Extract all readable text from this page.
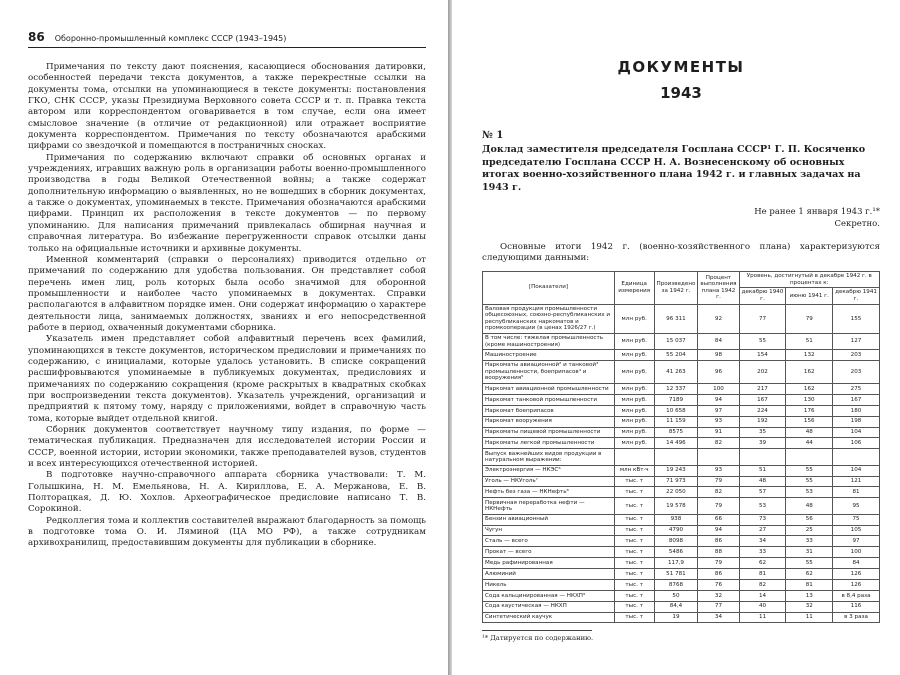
86 Оборонно-промышленный комплекс СССР (1943–1945)

Примечания по тексту дают пояснения, касающиеся обоснования датировки, особенностей передачи текста документов, а также перекрестные ссылки на документы тома, отсылки на упоминающиеся в тексте документы: постановления ГКО, СНК СССР, указы Президиума Верховного совета СССР и т. п. Правка текста автором или корреспондентом оговаривается в том случае, если она имеет смысловое значение (в отличие от редакционной) или отражает восприятие документа корреспондентом. Примечания по тексту обозначаются арабскими цифрами со звездочкой и помещаются в постраничных сносках.

Примечания по содержанию включают справки об основных органах и учреждениях, игравших важную роль в организации работы военно-промышленного производства в годы Великой Отечественной войны; а также содержат дополнительную информацию о выявленных, но не вошедших в сборник документах, а также о документах, упоминаемых в тексте. Примечания обозначаются арабскими цифрами. Принцип их расположения в тексте документов — по первому упоминанию. Для написания примечаний привлекалась обширная научная и справочная литература. Во избежание перегруженности справок отсылки даны только на официальные источники и архивные документы.

Именной комментарий (справки о персоналиях) приводится отдельно от примечаний по содержанию для удобства пользования. Он представляет собой перечень имен лиц, роль которых была особо значимой для оборонной промышленности и наиболее часто упоминаемых в документах. Справки располагаются в алфавитном порядке имен. Они содержат информацию о характере деятельности лица, занимаемых должностях, званиях и его непосредственной работе в период, охваченный документами сборника.

Указатель имен представляет собой алфавитный перечень всех фамилий, упоминающихся в тексте документов, историческом предисловии и примечаниях по содержанию, с инициалами, которые удалось установить. В списке сокращений расшифровываются упоминаемые в публикуемых документах, предисловиях и примечаниях по содержанию сокращения (кроме раскрытых в квадратных скобках при воспроизведении текста документов). Указатель учреждений, организаций и предприятий к пятому тому, наряду с приложениями, войдет в справочную часть тома, которые выйдет отдельной книгой.

Сборник документов соответствует научному типу издания, по форме — тематическая публикация. Предназначен для исследователей истории России и СССР, военной истории, истории экономики, также преподавателей вузов, студентов и всех интересующихся отечественной историей.

В подготовке научно-справочного аппарата сборника участвовали: Т. М. Голышкина, Н. М. Емельянова, Н. А. Кириллова, Е. А. Мержанова, Е. В. Полторацкая, Д. Ю. Хохлов. Археографическое предисловие написано Т. В. Сорокиной.

Редколлегия тома и коллектив составителей выражают благодарность за помощь в подготовке тома О. И. Ляминой (ЦА МО РФ), а также сотрудникам архивохранилищ, предоставившим документы для публикации в сборнике.

ДОКУМЕНТЫ
1943
№ 1
Доклад заместителя председателя Госплана СССР¹ Г. П. Косяченко председателю Госплана СССР Н. А. Вознесенскому об основных итогах военно-хозяйственного плана 1942 г. и главных задачах на 1943 г.

Не ранее 1 января 1943 г.¹*

Секретно.

Основные итоги 1942 г. (военно-хозяйственного плана) характеризуются следующими данными:

[Показатели]	Единица измерения	Произведено за 1942 г.	Процент выполнения плана 1942 г.	Уровень, достигнутый в декабре 1942 г. в процентах к:		
				декабрю 1940 г.	июню 1941 г.	декабрю 1941 г.
Валовая продукция промышленности общесоюзных, союзно-республиканских и республиканских наркоматов и промкооперации (в ценах 1926/27 г.)	млн руб.	96 311	92	77	79	155
В том числе: тяжелая промышленность (кроме машиностроения)	млн руб.	15 037	84	55	51	127
Машиностроение	млн руб.	55 204	98	154	132	203
Наркоматы авиационной² и танковой³ промышленности, боеприпасов⁴ и вооружения⁵	млн руб.	41 263	96	202	162	203
Наркомат авиационной промышленности	млн руб.	12 337	100	217	162	275
Наркомат танковой промышленности	млн руб.	7189	94	167	130	167
Наркомат боеприпасов	млн руб.	10 658	97	224	176	180
Наркомат вооружения	млн руб.	11 159	93	192	156	198
Наркоматы пищевой промышленности	млн руб.	8575	91	35	48	104
Наркоматы легкой промышленности	млн руб.	14 496	82	39	44	106
Выпуск важнейших видов продукции в натуральном выражении:						
Электроэнергия — НКЭС⁶	млн кВт·ч	19 243	93	51	55	104
Уголь — НКУголь⁷	тыс. т	71 973	79	48	55	121
Нефть без газа — НКНефть⁸	тыс. т	22 050	82	57	53	81
Первичная переработка нефти — НКНефть	тыс. т	19 578	79	53	48	95
Бензин авиационный	тыс. т	938	66	73	56	75
Чугун	тыс. т	4790	94	27	25	105
Сталь — всего	тыс. т	8098	86	34	33	97
Прокат — всего	тыс. т	5486	88	33	31	100
Медь рафинированная	тыс. т	117,9	79	62	55	84
Алюминий	тыс. т	51 781	86	81	62	126
Никель	тыс. т	8768	76	82	81	126
Сода кальцинированная — НКХП⁹	тыс. т	50	32	14	13	в 8,4 раза
Сода каустическая — НКХП	тыс. т	84,4	77	40	32	116
Синтетический каучук	тыс. т	19	34	11	11	в 3 раза

¹* Датируется по содержанию.
